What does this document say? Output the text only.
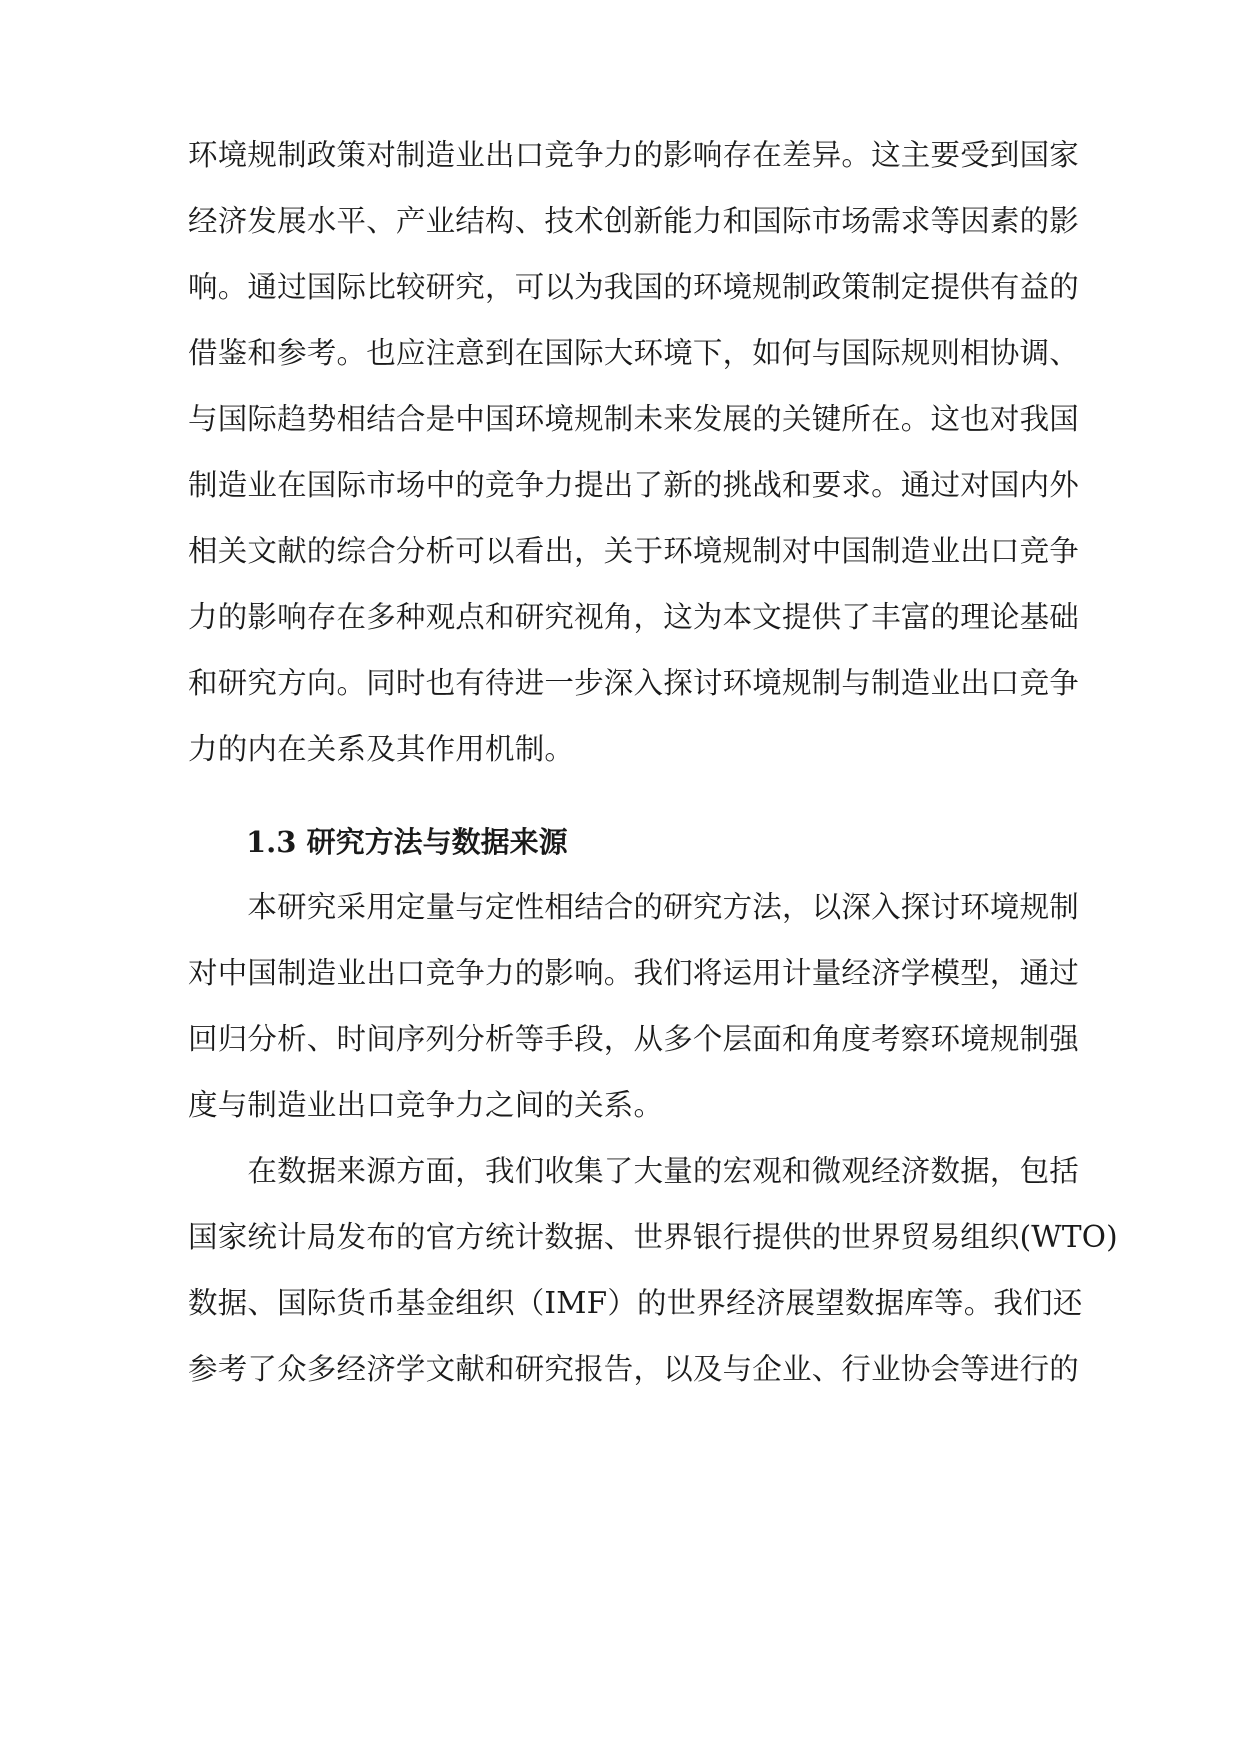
环境规制政策对制造业出口竞争力的影响存在差异。这主要受到国家
经济发展水平、产业结构、技术创新能力和国际市场需求等因素的影
响。通过国际比较研究，可以为我国的环境规制政策制定提供有益的
借鉴和参考。也应注意到在国际大环境下，如何与国际规则相协调、
与国际趋势相结合是中国环境规制未来发展的关键所在。这也对我国
制造业在国际市场中的竞争力提出了新的挑战和要求。通过对国内外
相关文献的综合分析可以看出，关于环境规制对中国制造业出口竞争
力的影响存在多种观点和研究视角，这为本文提供了丰富的理论基础
和研究方向。同时也有待进一步深入探讨环境规制与制造业出口竞争
力的内在关系及其作用机制。
1.3 研究方法与数据来源
　　本研究采用定量与定性相结合的研究方法，以深入探讨环境规制
对中国制造业出口竞争力的影响。我们将运用计量经济学模型，通过
回归分析、时间序列分析等手段，从多个层面和角度考察环境规制强
度与制造业出口竞争力之间的关系。
　　在数据来源方面，我们收集了大量的宏观和微观经济数据，包括
国家统计局发布的官方统计数据、世界银行提供的世界贸易组织(WTO)
数据、国际货币基金组织（IMF）的世界经济展望数据库等。我们还
参考了众多经济学文献和研究报告，以及与企业、行业协会等进行的
